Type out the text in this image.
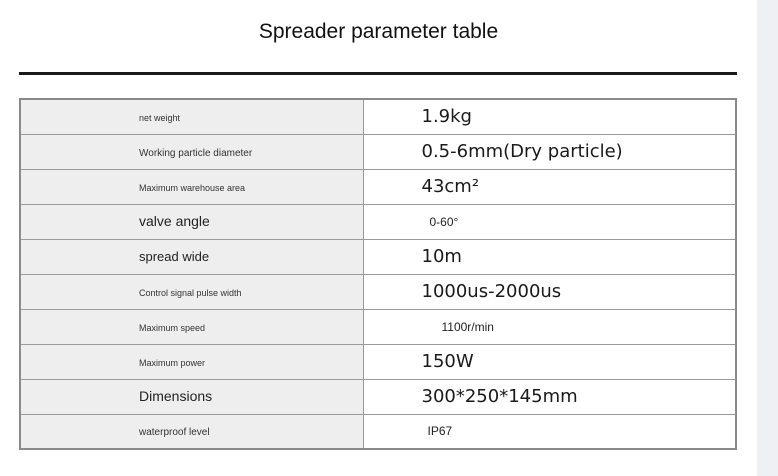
Spreader parameter table
net weight	1.9kg
Working particle diameter	0.5-6mm(Dry particle)
Maximum warehouse area	43cm²
valve angle	0-60°
spread wide	10m
Control signal pulse width	1000us-2000us
Maximum speed	1100r/min
Maximum power	150W
Dimensions	300*250*145mm
waterproof level	IP67
